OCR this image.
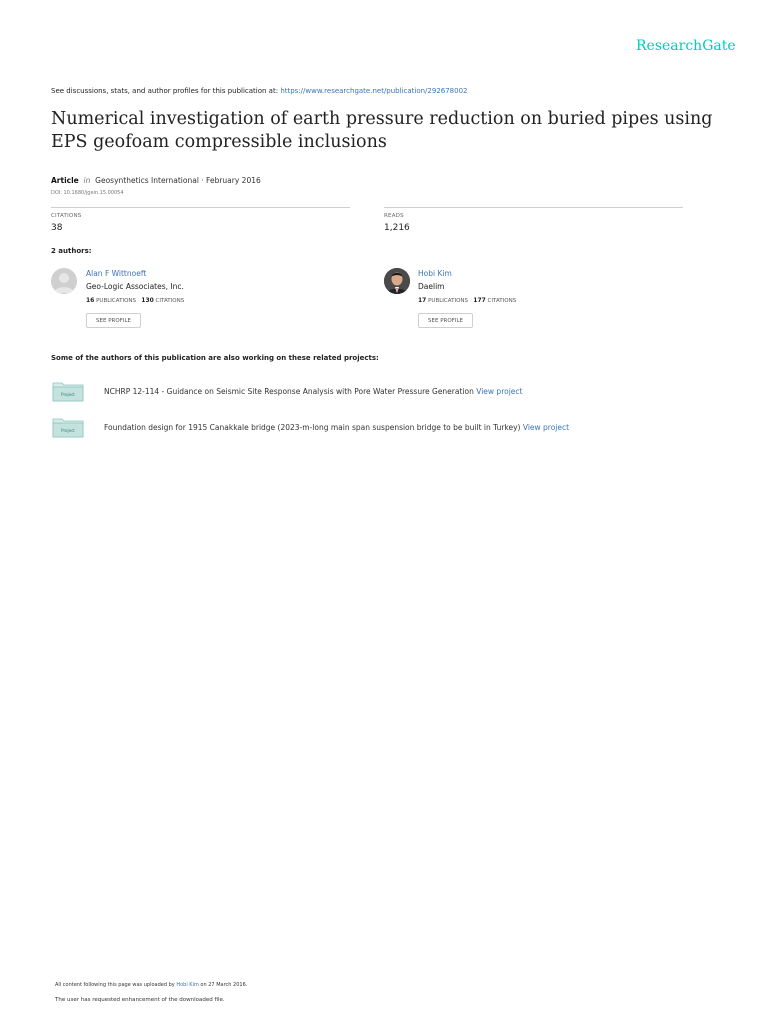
ResearchGate
See discussions, stats, and author profiles for this publication at: https://www.researchgate.net/publication/292678002
Numerical investigation of earth pressure reduction on buried pipes using EPS geofoam compressible inclusions
Article in Geosynthetics International · February 2016
DOI: 10.1680/jgein.15.00054
CITATIONS
38
READS
1,216
2 authors:
Alan F Wittnoeft
Geo-Logic Associates, Inc.
16 PUBLICATIONS 130 CITATIONS
SEE PROFILE
Hobi Kim
Daelim
17 PUBLICATIONS 177 CITATIONS
SEE PROFILE
Some of the authors of this publication are also working on these related projects:
Project	NCHRP 12-114 - Guidance on Seismic Site Response Analysis with Pore Water Pressure Generation View project
Project	Foundation design for 1915 Canakkale bridge (2023-m-long main span suspension bridge to be built in Turkey) View project
All content following this page was uploaded by Hobi Kim on 27 March 2016.
The user has requested enhancement of the downloaded file.
